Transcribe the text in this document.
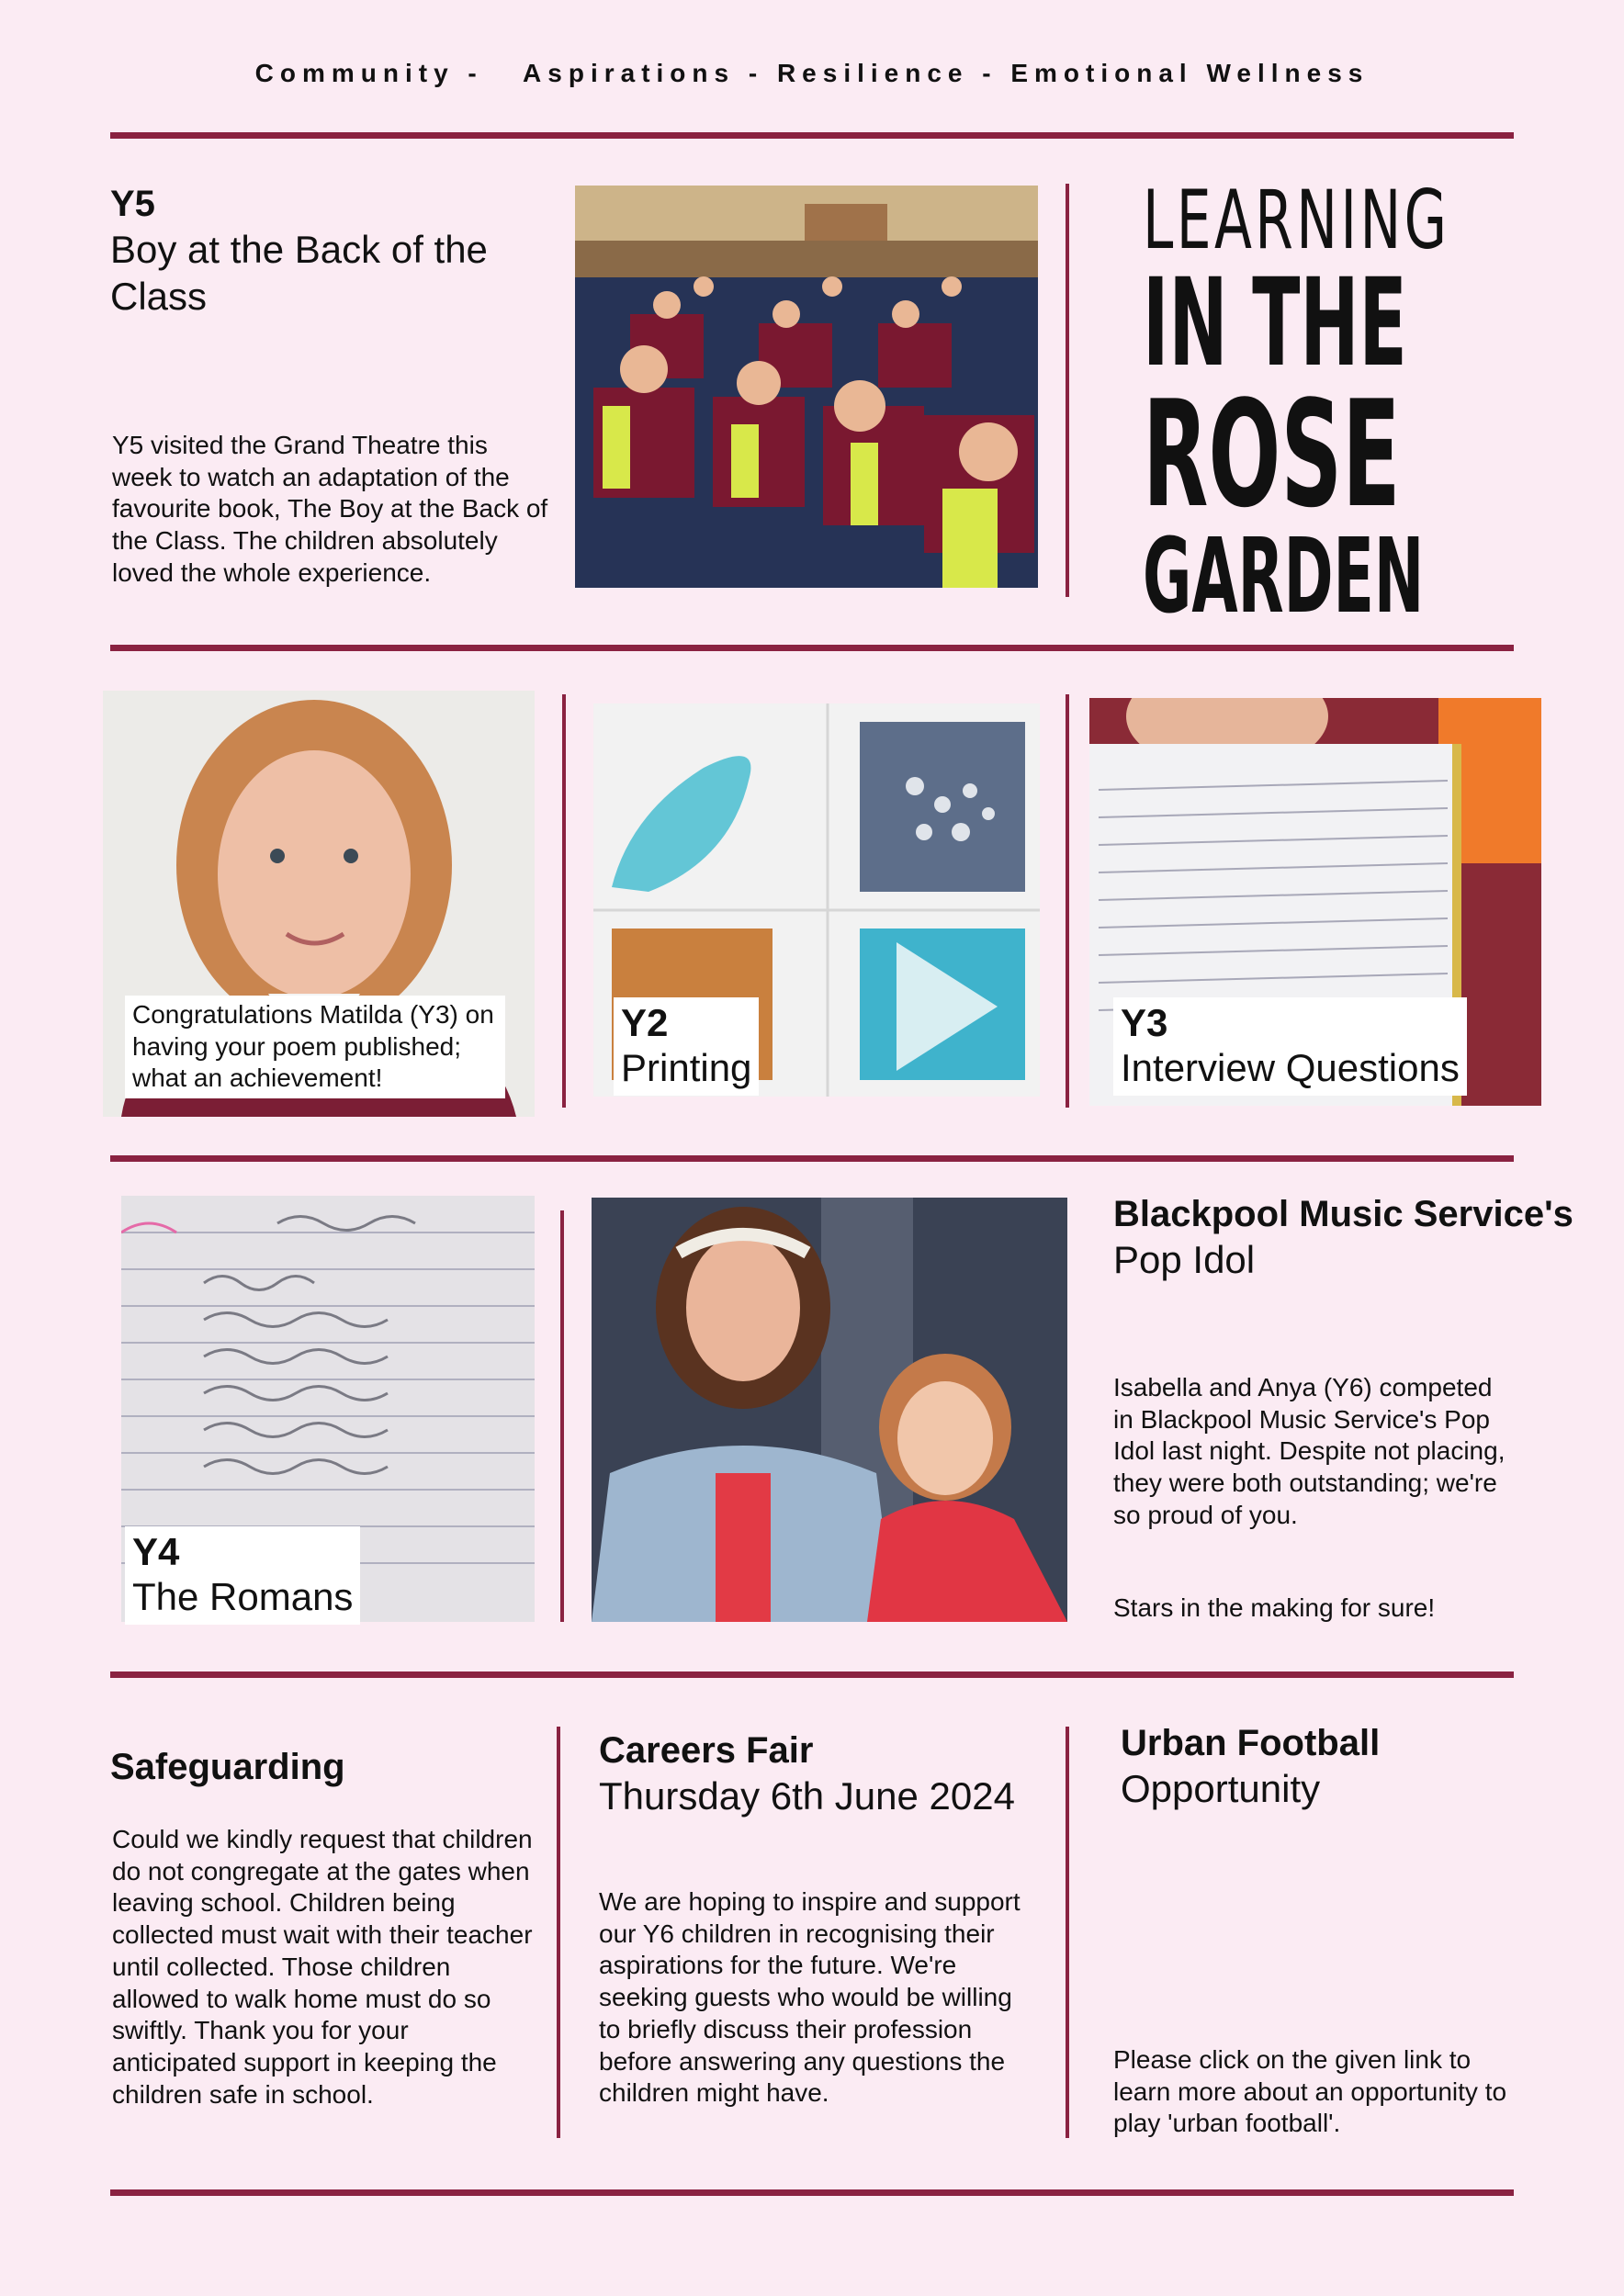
Community -   Aspirations - Resilience - Emotional Wellness
Y5
Boy at the Back of the Class
Y5 visited the Grand Theatre this week to watch an adaptation of the favourite book, The Boy at the Back of the Class. The children absolutely loved the whole experience.
LEARNING
IN THE
ROSE
GARDEN
Congratulations Matilda (Y3) on having your poem published; what an achievement!
Y2
Printing
Y3
Interview Questions
Y4
The Romans
Blackpool Music Service's
Pop Idol
Isabella and Anya (Y6) competed in Blackpool Music Service's Pop Idol last night. Despite not placing, they were both outstanding; we're so proud of you.
Stars in the making for sure!
Safeguarding
Could we kindly request that children do not congregate at the gates when leaving school. Children being collected must wait with their teacher until collected. Those children allowed to walk home must do so swiftly. Thank you for your anticipated support in keeping the children safe in school.
Careers Fair
Thursday 6th June 2024
We are hoping to inspire and support our Y6 children in recognising their aspirations for the future. We're seeking guests who would be willing to briefly discuss their profession before answering any questions the children might have.
Urban Football
Opportunity
Please click on the given link to learn more about an opportunity to play 'urban football'.
